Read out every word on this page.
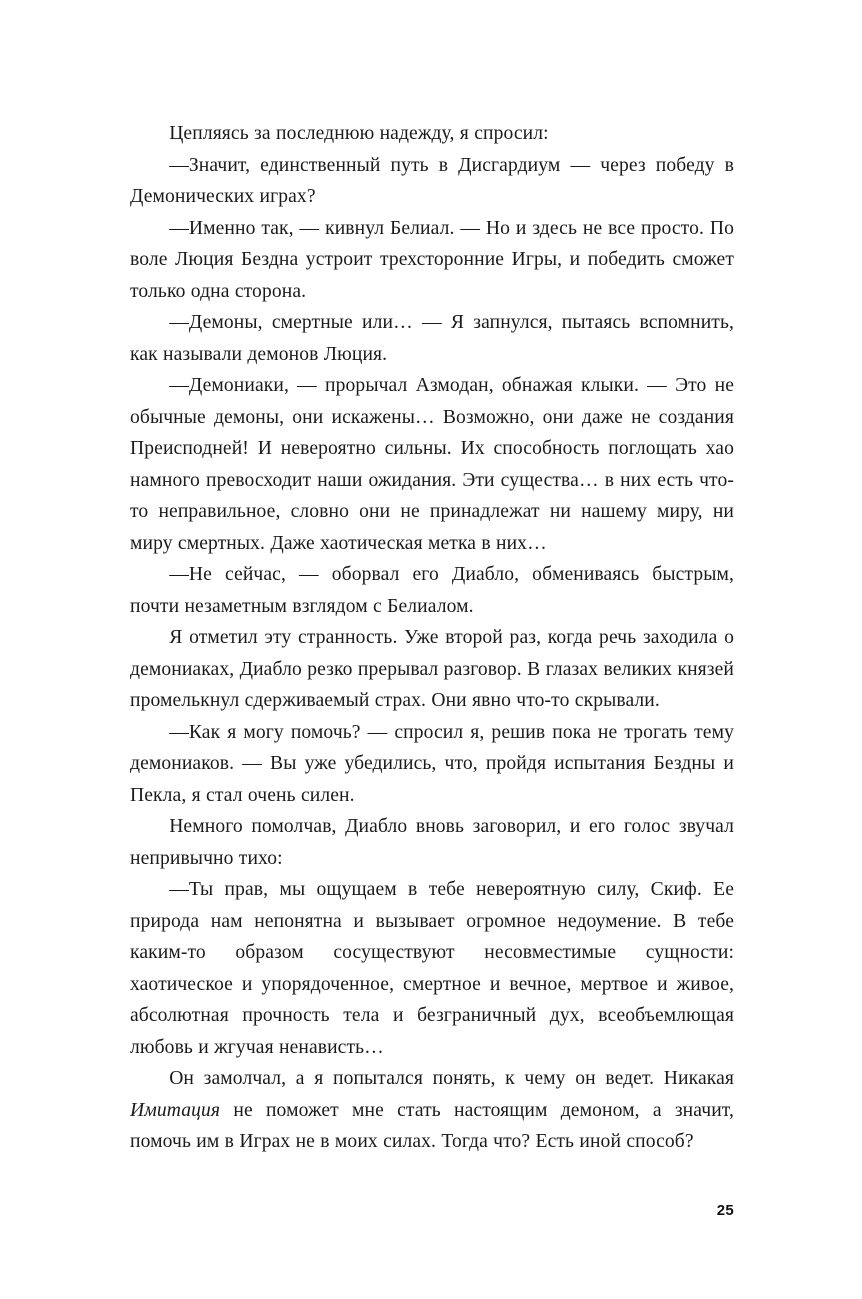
Цепляясь за последнюю надежду, я спросил:

—Значит, единственный путь в Дисгардиум — через победу в Демонических играх?

—Именно так, — кивнул Белиал. — Но и здесь не все просто. По воле Люция Бездна устроит трехсторонние Игры, и победить сможет только одна сторона.

—Демоны, смертные или… — Я запнулся, пытаясь вспомнить, как называли демонов Люция.

—Демониаки, — прорычал Азмодан, обнажая клыки. — Это не обычные демоны, они искажены… Возможно, они даже не создания Преисподней! И невероятно сильны. Их способность поглощать хао намного превосходит наши ожидания. Эти существа… в них есть что-то неправильное, словно они не принадлежат ни нашему миру, ни миру смертных. Даже хаотическая метка в них…

—Не сейчас, — оборвал его Диабло, обмениваясь быстрым, почти незаметным взглядом с Белиалом.

Я отметил эту странность. Уже второй раз, когда речь заходила о демониаках, Диабло резко прерывал разговор. В глазах великих князей промелькнул сдерживаемый страх. Они явно что-то скрывали.

—Как я могу помочь? — спросил я, решив пока не трогать тему демониаков. — Вы уже убедились, что, пройдя испытания Бездны и Пекла, я стал очень силен.

Немного помолчав, Диабло вновь заговорил, и его голос звучал непривычно тихо:

—Ты прав, мы ощущаем в тебе невероятную силу, Скиф. Ее природа нам непонятна и вызывает огромное недоумение. В тебе каким-то образом сосуществуют несовместимые сущности: хаотическое и упорядоченное, смертное и вечное, мертвое и живое, абсолютная прочность тела и безграничный дух, всеобъемлющая любовь и жгучая ненависть…

Он замолчал, а я попытался понять, к чему он ведет. Никакая Имитация не поможет мне стать настоящим демоном, а значит, помочь им в Играх не в моих силах. Тогда что? Есть иной способ?

25
